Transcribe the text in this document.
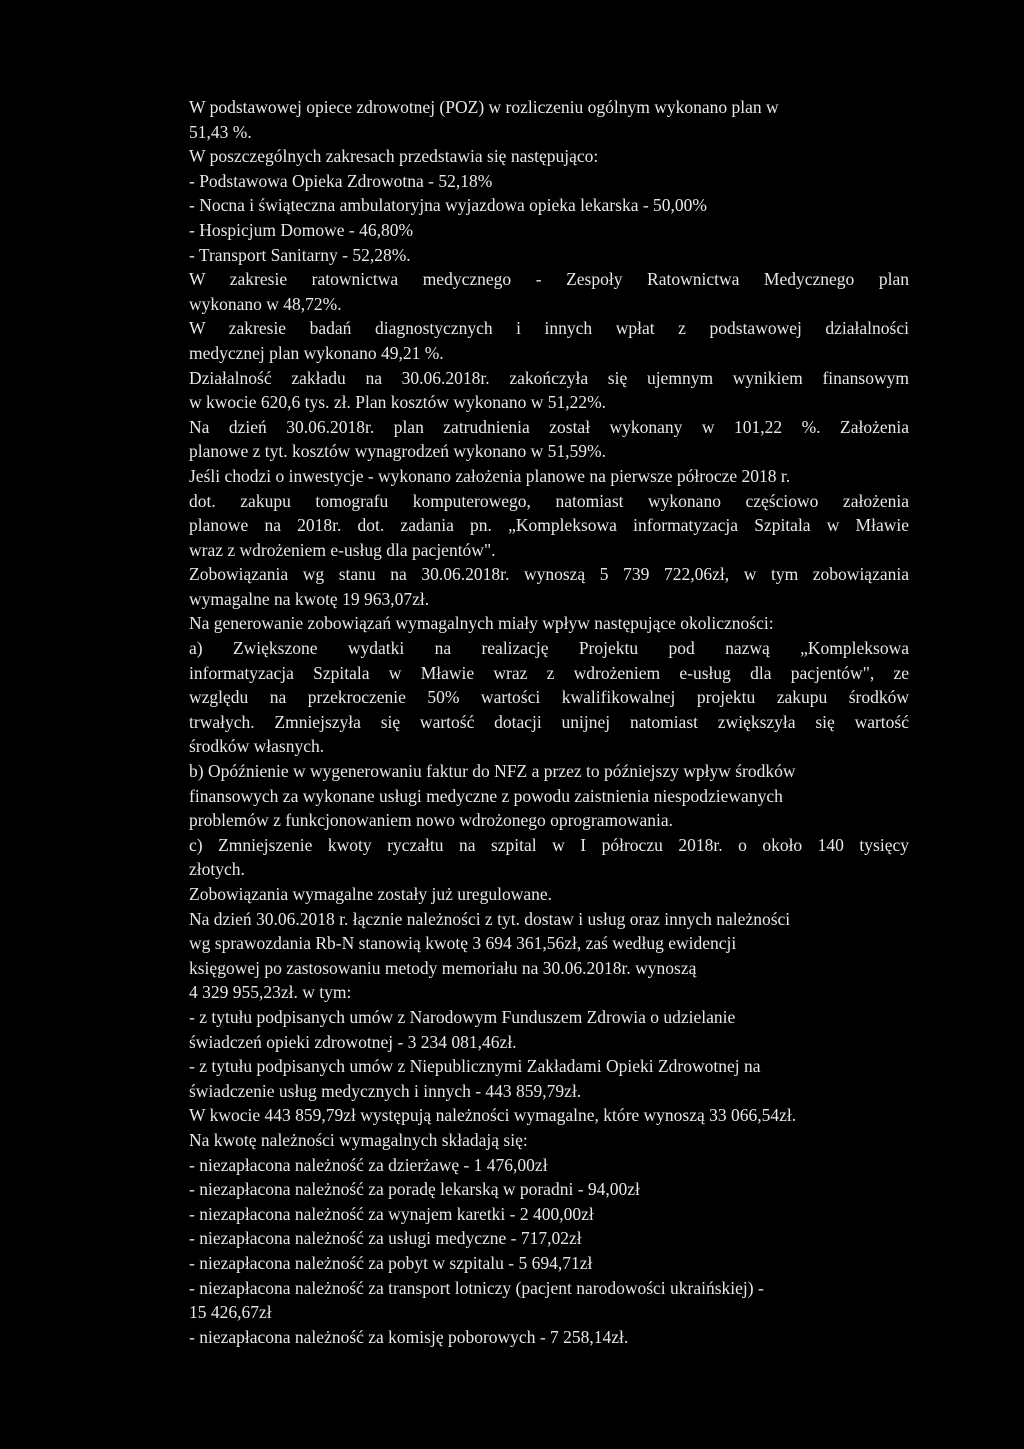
W podstawowej opiece zdrowotnej (POZ) w rozliczeniu ogólnym wykonano plan w
51,43 %.
W poszczególnych zakresach przedstawia się następująco:
- Podstawowa Opieka Zdrowotna - 52,18%
- Nocna i świąteczna ambulatoryjna wyjazdowa opieka lekarska - 50,00%
- Hospicjum Domowe - 46,80%
- Transport Sanitarny - 52,28%.
W zakresie ratownictwa medycznego - Zespoły Ratownictwa Medycznego plan
wykonano w 48,72%.
W zakresie badań diagnostycznych i innych wpłat z podstawowej działalności
medycznej plan wykonano 49,21 %.
Działalność zakładu na 30.06.2018r. zakończyła się ujemnym wynikiem finansowym
w kwocie 620,6 tys. zł. Plan kosztów wykonano w 51,22%.
Na dzień 30.06.2018r. plan zatrudnienia został wykonany w 101,22 %. Założenia
planowe z tyt. kosztów wynagrodzeń wykonano w 51,59%.
Jeśli chodzi o inwestycje - wykonano założenia planowe na pierwsze półrocze 2018 r.
dot. zakupu tomografu komputerowego, natomiast wykonano częściowo założenia
planowe na 2018r. dot. zadania pn. „Kompleksowa informatyzacja Szpitala w Mławie
wraz z wdrożeniem e-usług dla pacjentów".
Zobowiązania wg stanu na 30.06.2018r. wynoszą 5 739 722,06zł, w tym zobowiązania
wymagalne na kwotę 19 963,07zł.
Na generowanie zobowiązań wymagalnych miały wpływ następujące okoliczności:
a) Zwiększone wydatki na realizację Projektu pod nazwą „Kompleksowa
informatyzacja Szpitala w Mławie wraz z wdrożeniem e-usług dla pacjentów", ze
względu na przekroczenie 50% wartości kwalifikowalnej projektu zakupu środków
trwałych. Zmniejszyła się wartość dotacji unijnej natomiast zwiększyła się wartość
środków własnych.
b) Opóźnienie w wygenerowaniu faktur do NFZ a przez to późniejszy wpływ środków
finansowych za wykonane usługi medyczne z powodu zaistnienia niespodziewanych
problemów z funkcjonowaniem nowo wdrożonego oprogramowania.
c) Zmniejszenie kwoty ryczałtu na szpital w I półroczu 2018r. o około 140 tysięcy
złotych.
Zobowiązania wymagalne zostały już uregulowane.
Na dzień 30.06.2018 r. łącznie należności z tyt. dostaw i usług oraz innych należności
wg sprawozdania Rb-N stanowią kwotę 3 694 361,56zł, zaś według ewidencji
księgowej po zastosowaniu metody memoriału na 30.06.2018r. wynoszą
4 329 955,23zł. w tym:
- z tytułu podpisanych umów z Narodowym Funduszem Zdrowia o udzielanie
świadczeń opieki zdrowotnej - 3 234 081,46zł.
- z tytułu podpisanych umów z Niepublicznymi Zakładami Opieki Zdrowotnej na
świadczenie usług medycznych i innych - 443 859,79zł.
W kwocie 443 859,79zł występują należności wymagalne, które wynoszą 33 066,54zł.
Na kwotę należności wymagalnych składają się:
- niezapłacona należność za dzierżawę - 1 476,00zł
- niezapłacona należność za poradę lekarską w poradni - 94,00zł
- niezapłacona należność za wynajem karetki - 2 400,00zł
- niezapłacona należność za usługi medyczne - 717,02zł
- niezapłacona należność za pobyt w szpitalu - 5 694,71zł
- niezapłacona należność za transport lotniczy (pacjent narodowości ukraińskiej) -
15 426,67zł
- niezapłacona należność za komisję poborowych - 7 258,14zł.
